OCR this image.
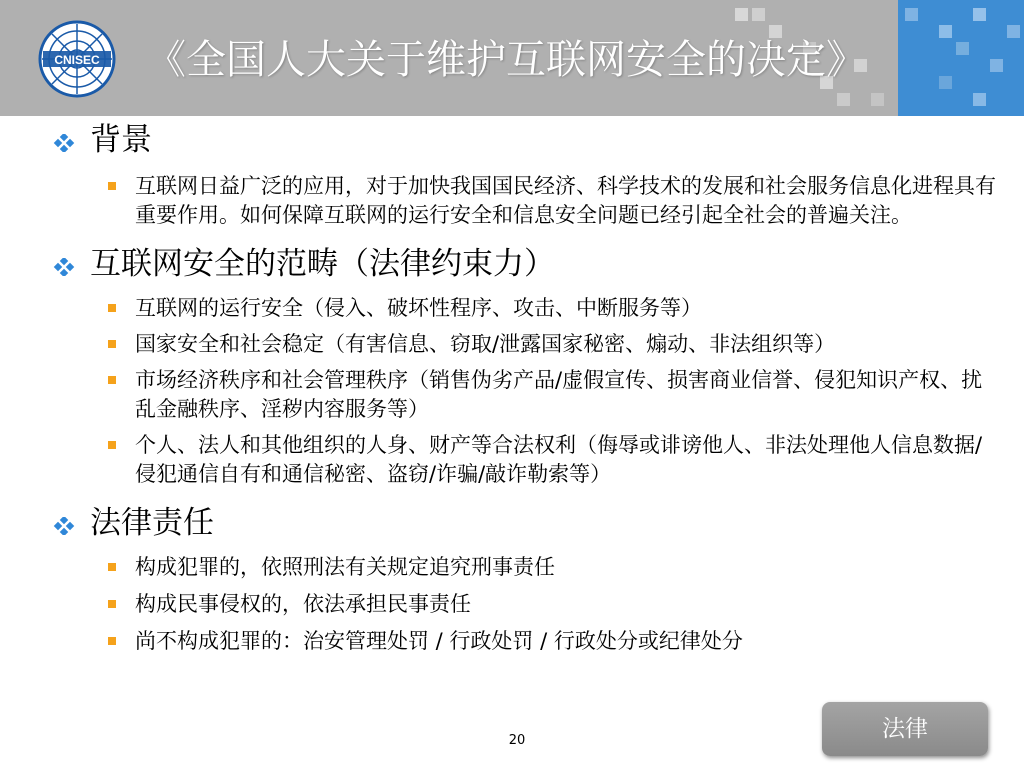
CNISEC 《全国人大关于维护互联网安全的决定》
背景
互联网日益广泛的应用，对于加快我国国民经济、科学技术的发展和社会服务信息化进程具有重要作用。如何保障互联网的运行安全和信息安全问题已经引起全社会的普遍关注。
互联网安全的范畴（法律约束力）
互联网的运行安全（侵入、破坏性程序、攻击、中断服务等）
国家安全和社会稳定（有害信息、窃取/泄露国家秘密、煽动、非法组织等）
市场经济秩序和社会管理秩序（销售伪劣产品/虚假宣传、损害商业信誉、侵犯知识产权、扰乱金融秩序、淫秽内容服务等）
个人、法人和其他组织的人身、财产等合法权利（侮辱或诽谤他人、非法处理他人信息数据/侵犯通信自有和通信秘密、盗窃/诈骗/敲诈勒索等）
法律责任
构成犯罪的，依照刑法有关规定追究刑事责任
构成民事侵权的，依法承担民事责任
尚不构成犯罪的：治安管理处罚 / 行政处罚 / 行政处分或纪律处分
20	法律
